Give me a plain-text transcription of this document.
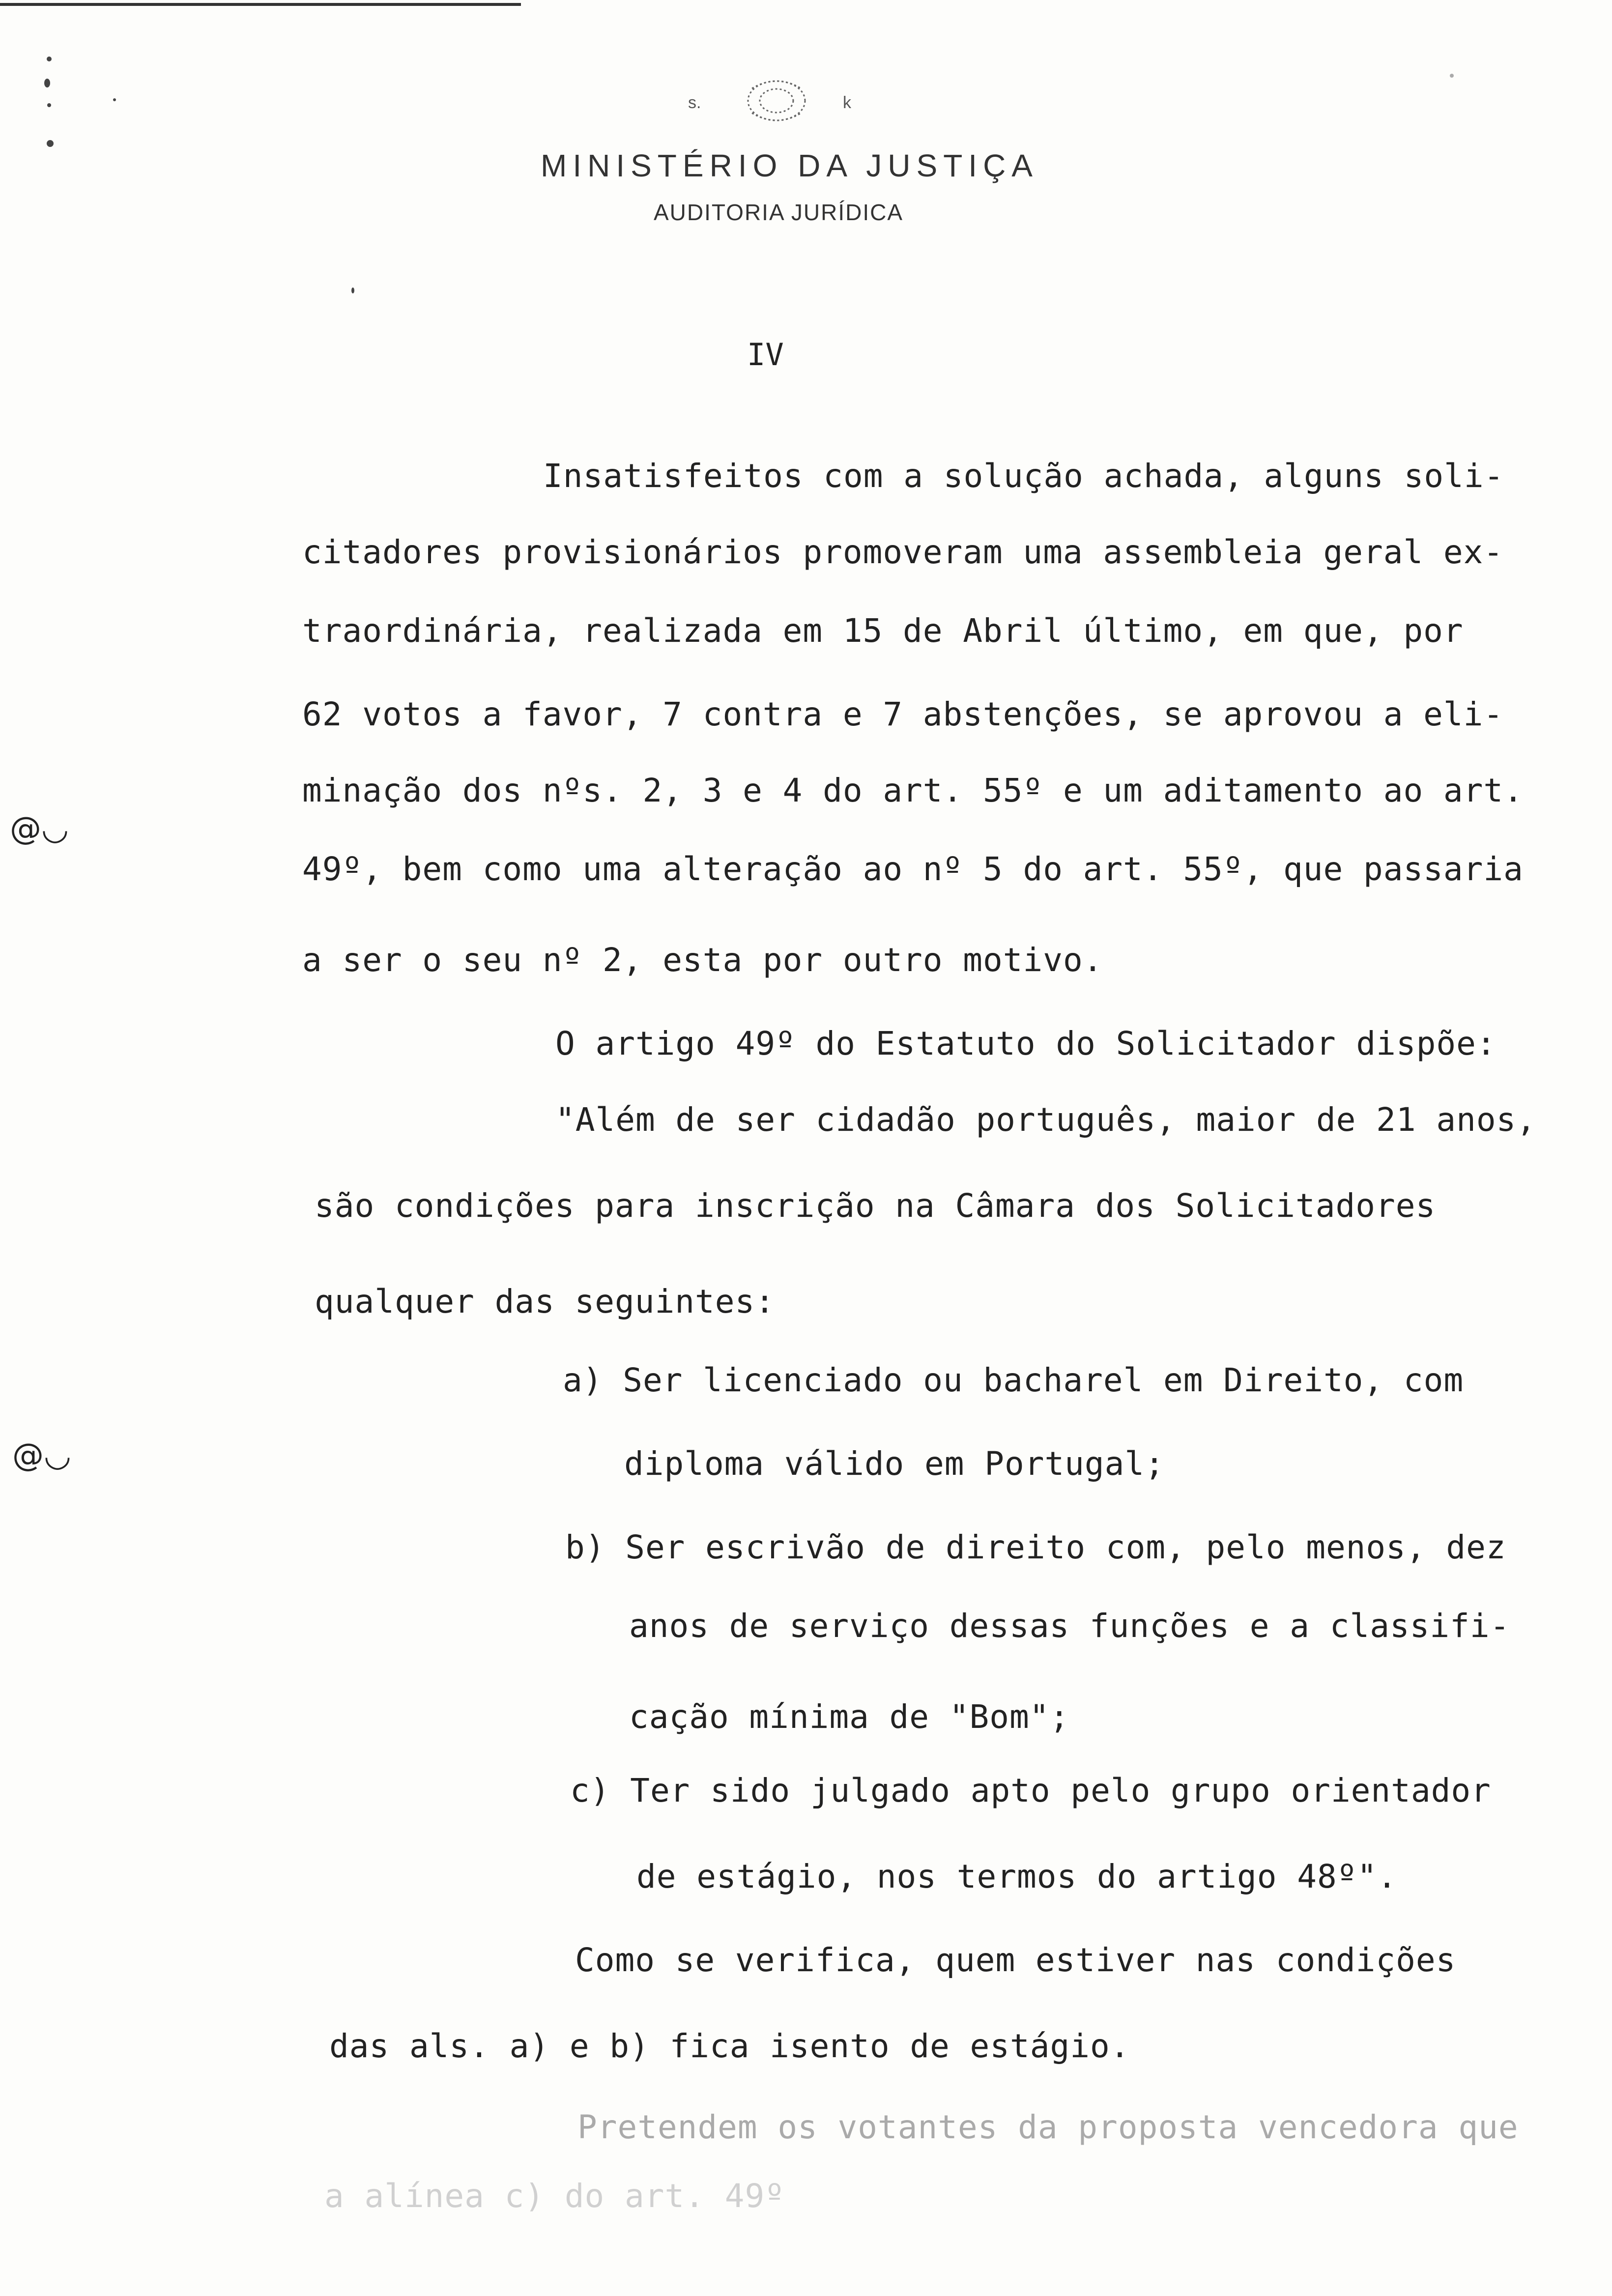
s.	k
MINISTÉRIO DA JUSTIÇA
AUDITORIA JURÍDICA
IV
Insatisfeitos com a solução achada, alguns soli-
citadores provisionários promoveram uma assembleia geral ex-
traordinária, realizada em 15 de Abril último, em que, por
62 votos a favor, 7 contra e 7 abstenções, se aprovou a eli-
minação dos nºs. 2, 3 e 4 do art. 55º e um aditamento ao art.
49º, bem como uma alteração ao nº 5 do art. 55º, que passaria
a ser o seu nº 2, esta por outro motivo.
O artigo 49º do Estatuto do Solicitador dispõe:
"Além de ser cidadão português, maior de 21 anos,
são condições para inscrição na Câmara dos Solicitadores
qualquer das seguintes:
a) Ser licenciado ou bacharel em Direito, com
diploma válido em Portugal;
b) Ser escrivão de direito com, pelo menos, dez
anos de serviço dessas funções e a classifi-
cação mínima de "Bom";
c) Ter sido julgado apto pelo grupo orientador
de estágio, nos termos do artigo 48º".
Como se verifica, quem estiver nas condições
das als. a) e b) fica isento de estágio.
Pretendem os votantes da proposta vencedora que
a alínea c) do art. 49º
@◡
@◡
